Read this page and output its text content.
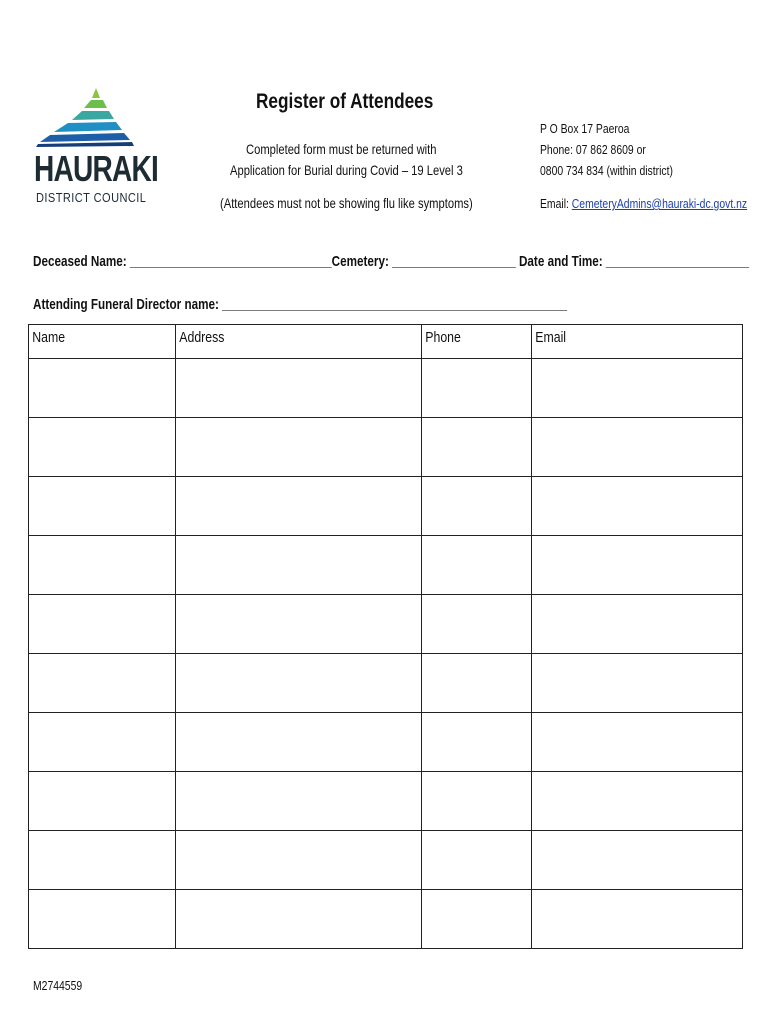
HAURAKI
DISTRICT COUNCIL
Register of Attendees
Completed form must be returned with
Application for Burial during Covid – 19 Level 3
(Attendees must not be showing flu like symptoms)
P O Box 17 Paeroa
Phone: 07 862 8609 or
0800 734 834 (within district)
Email: CemeteryAdmins@hauraki-dc.govt.nz
Deceased Name: _______________________________Cemetery: ___________________ Date and Time: ______________________
Attending Funeral Director name: _____________________________________________________
Name	Address	Phone	Email

M2744559
